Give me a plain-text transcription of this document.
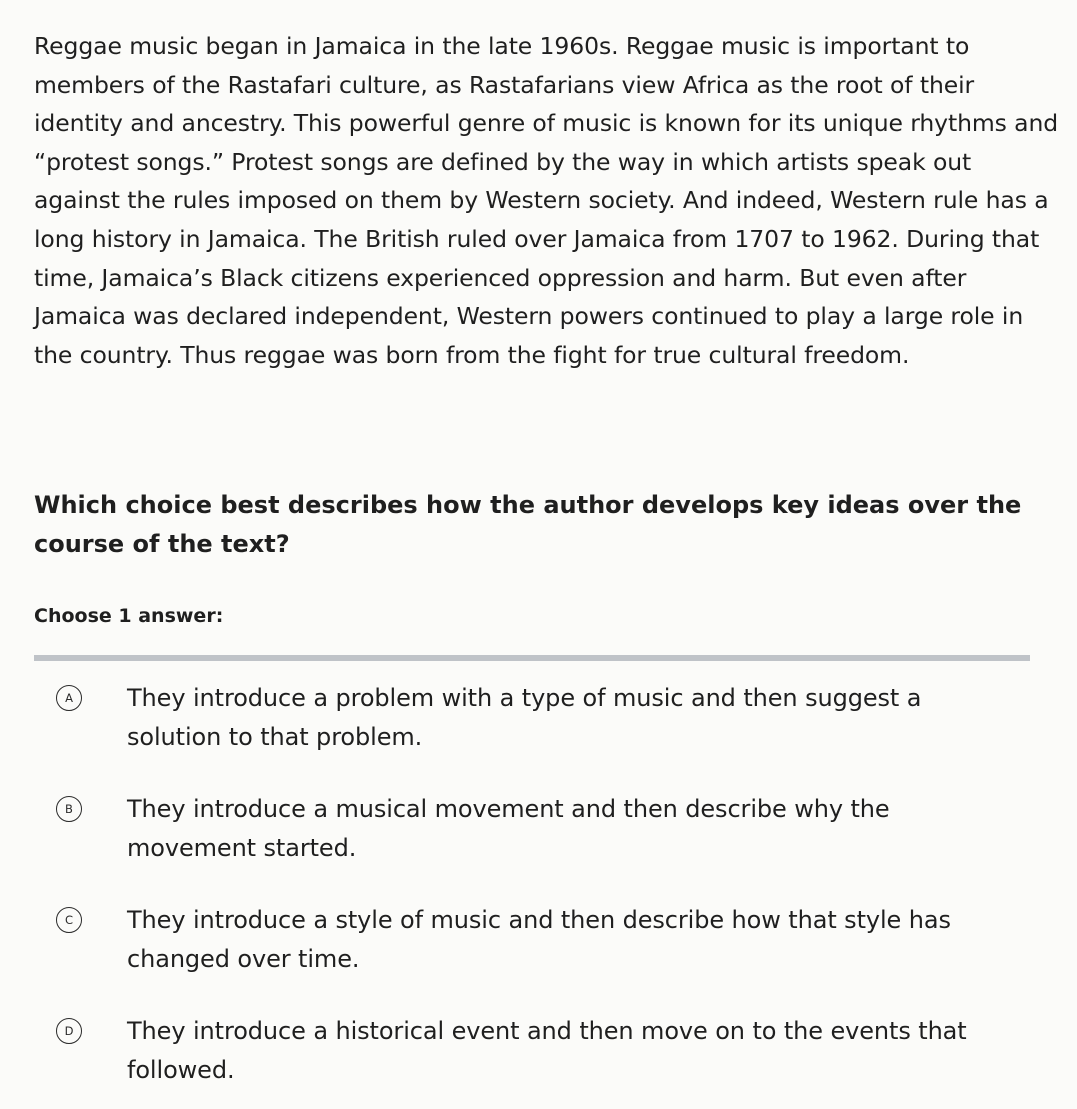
Reggae music began in Jamaica in the late 1960s. Reggae music is important to members of the Rastafari culture, as Rastafarians view Africa as the root of their identity and ancestry. This powerful genre of music is known for its unique rhythms and “protest songs.” Protest songs are defined by the way in which artists speak out against the rules imposed on them by Western society. And indeed, Western rule has a long history in Jamaica. The British ruled over Jamaica from 1707 to 1962. During that time, Jamaica’s Black citizens experienced oppression and harm. But even after Jamaica was declared independent, Western powers continued to play a large role in the country. Thus reggae was born from the fight for true cultural freedom.

Which choice best describes how the author develops key ideas over the course of the text?

Choose 1 answer:

A	They introduce a problem with a type of music and then suggest a solution to that problem.
B	They introduce a musical movement and then describe why the movement started.
C	They introduce a style of music and then describe how that style has changed over time.
D	They introduce a historical event and then move on to the events that followed.
